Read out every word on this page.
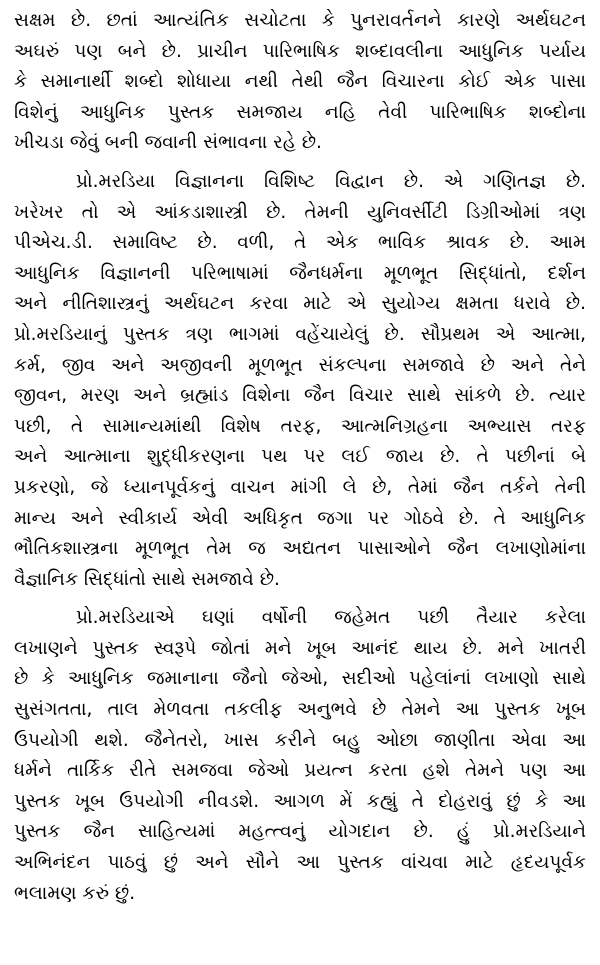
સક્ષમ છે. છતાં આત્યંતિક સચોટતા કે પુનરાવર્તનને કારણે અર્થઘટન
અઘરું પણ બને છે. પ્રાચીન પારિભાષિક શબ્દાવલીના આધુનિક પર્યાય
કે સમાનાર્થી શબ્દો શોધાયા નથી તેથી જૈન વિચારના કોઈ એક પાસા
વિશેનું આધુનિક પુસ્તક સમજાય નહિ તેવી પારિભાષિક શબ્દોના
ખીચડા જેવું બની જવાની સંભાવના રહે છે.
પ્રો.મરડિયા વિજ્ઞાનના વિશિષ્ટ વિદ્વાન છે. એ ગણિતજ્ઞ છે.
ખરેખર તો એ આંકડાશાસ્ત્રી છે. તેમની યુનિવર્સીટી ડિગ્રીઓમાં ત્રણ
પીએચ.ડી. સમાવિષ્ટ છે. વળી, તે એક ભાવિક શ્રાવક છે. આમ
આધુનિક વિજ્ઞાનની પરિભાષામાં જૈનધર્મના મૂળભૂત સિદ્ધાંતો, દર્શન
અને નીતિશાસ્ત્રનું અર્થઘટન કરવા માટે એ સુયોગ્ય ક્ષમતા ધરાવે છે.
પ્રો.મરડિયાનું પુસ્તક ત્રણ ભાગમાં વહેંચાયેલું છે. સૌપ્રથમ એ આત્મા,
કર્મ, જીવ અને અજીવની મૂળભૂત સંકલ્પના સમજાવે છે અને તેને
જીવન, મરણ અને બ્રહ્માંડ વિશેના જૈન વિચાર સાથે સાંકળે છે. ત્યાર
પછી, તે સામાન્યમાંથી વિશેષ તરફ, આત્મનિગ્રહના અભ્યાસ તરફ
અને આત્માના શુદ્ધીકરણના પથ પર લઈ જાય છે. તે પછીનાં બે
પ્રકરણો, જે ધ્યાનપૂર્વકનું વાચન માંગી લે છે, તેમાં જૈન તર્કને તેની
માન્ય અને સ્વીકાર્ય એવી અધિકૃત જગા પર ગોઠવે છે. તે આધુનિક
ભૌતિકશાસ્ત્રના મૂળભૂત તેમ જ અદ્યતન પાસાઓને જૈન લખાણોમાંના
વૈજ્ઞાનિક સિદ્ધાંતો સાથે સમજાવે છે.
પ્રો.મરડિયાએ ઘણાં વર્ષોની જહેમત પછી તૈયાર કરેલા
લખાણને પુસ્તક સ્વરૂપે જોતાં મને ખૂબ આનંદ થાય છે. મને ખાતરી
છે કે આધુનિક જમાનાના જૈનો જેઓ, સદીઓ પહેલાંનાં લખાણો સાથે
સુસંગતતા, તાલ મેળવતા તકલીફ અનુભવે છે તેમને આ પુસ્તક ખૂબ
ઉપયોગી થશે. જૈનેતરો, ખાસ કરીને બહુ ઓછા જાણીતા એવા આ
ધર્મને તાર્કિક રીતે સમજવા જેઓ પ્રયત્ન કરતા હશે તેમને પણ આ
પુસ્તક ખૂબ ઉપયોગી નીવડશે. આગળ મેં કહ્યું તે દોહરાવું છું કે આ
પુસ્તક જૈન સાહિત્યમાં મહત્ત્વનું યોગદાન છે. હું પ્રો.મરડિયાને
અભિનંદન પાઠવું છું અને સૌને આ પુસ્તક વાંચવા માટે હૃદયપૂર્વક
ભલામણ કરું છું.
